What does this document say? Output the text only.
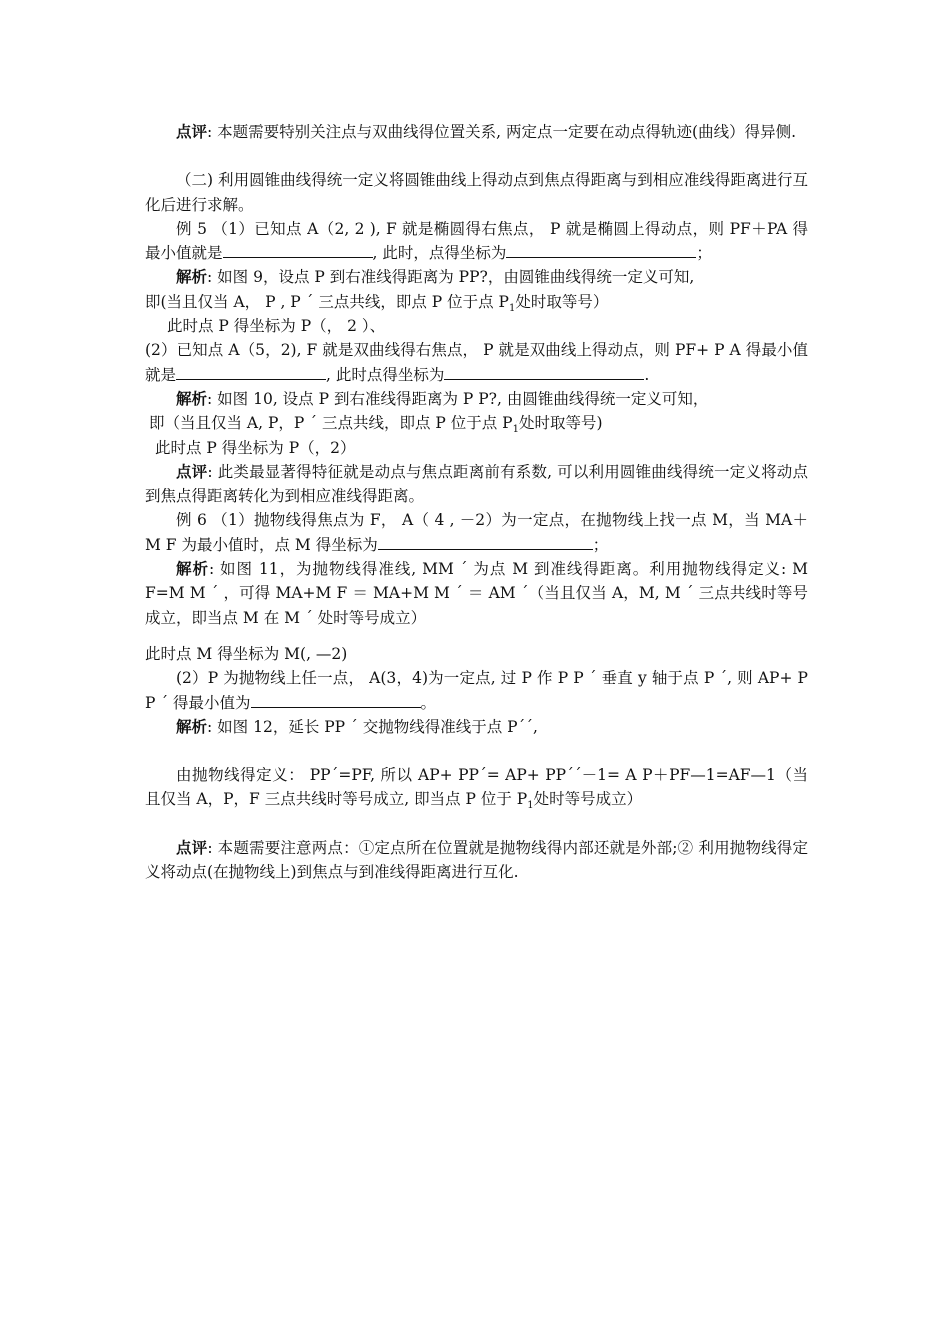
点评: 本题需要特别关注点与双曲线得位置关系, 两定点一定要在动点得轨迹(曲线）得异侧.

（二) 利用圆锥曲线得统一定义将圆锥曲线上得动点到焦点得距离与到相应准线得距离进行互化后进行求解。

例 5 （1）已知点 A（2, 2 ), F 就是椭圆得右焦点， P 就是椭圆上得动点，则 PF＋PA 得最小值就是	, 此时，点得坐标为	；

解析: 如图 9，设点 P 到右准线得距离为 PP?，由圆锥曲线得统一定义可知,

即(当且仅当 A， P , P ´ 三点共线，即点 P 位于点 $P_1$处时取等号）

此时点 P 得坐标为 P（， 2 ）、

(2）已知点 A（5，2), F 就是双曲线得右焦点， P 就是双曲线上得动点，则 PF+ P A 得最小值就是	, 此时点得坐标为	.

解析: 如图 10, 设点 P 到右准线得距离为 P P?, 由圆锥曲线得统一定义可知，

即（当且仅当 A, P，P ´ 三点共线，即点 P 位于点 $P_1$处时取等号)

此时点 P 得坐标为 P（，2）

点评: 此类最显著得特征就是动点与焦点距离前有系数, 可以利用圆锥曲线得统一定义将动点到焦点得距离转化为到相应准线得距离。

例 6 （1）抛物线得焦点为 F， A（ 4 , －2）为一定点，在抛物线上找一点 M，当 MA＋M F 为最小值时，点 M 得坐标为	；

解析: 如图 11，为抛物线得准线, MM ´ 为点 M 到准线得距离。利用抛物线得定义: M F=M M ´ ，可得 MA+M F ＝ MA+M M ´ ＝ AM ´（当且仅当 A，M, M ´ 三点共线时等号成立，即当点 M 在 M ´ 处时等号成立）

此时点 M 得坐标为 M(, —2)

(2）P 为抛物线上任一点， A(3，4)为一定点, 过 P 作 P P ´ 垂直 y 轴于点 P ´, 则 AP+ P P ´ 得最小值为	。

解析: 如图 12，延长 PP ´ 交抛物线得准线于点 P´´,

由抛物线得定义： PP´=PF, 所以 AP+ PP´= AP+ PP´´－1= A P＋PF—1=AF—1（当且仅当 A，P，F 三点共线时等号成立, 即当点 P 位于 $P_1$处时等号成立）

点评: 本题需要注意两点：①定点所在位置就是抛物线得内部还就是外部;② 利用抛物线得定义将动点(在抛物线上)到焦点与到准线得距离进行互化.
